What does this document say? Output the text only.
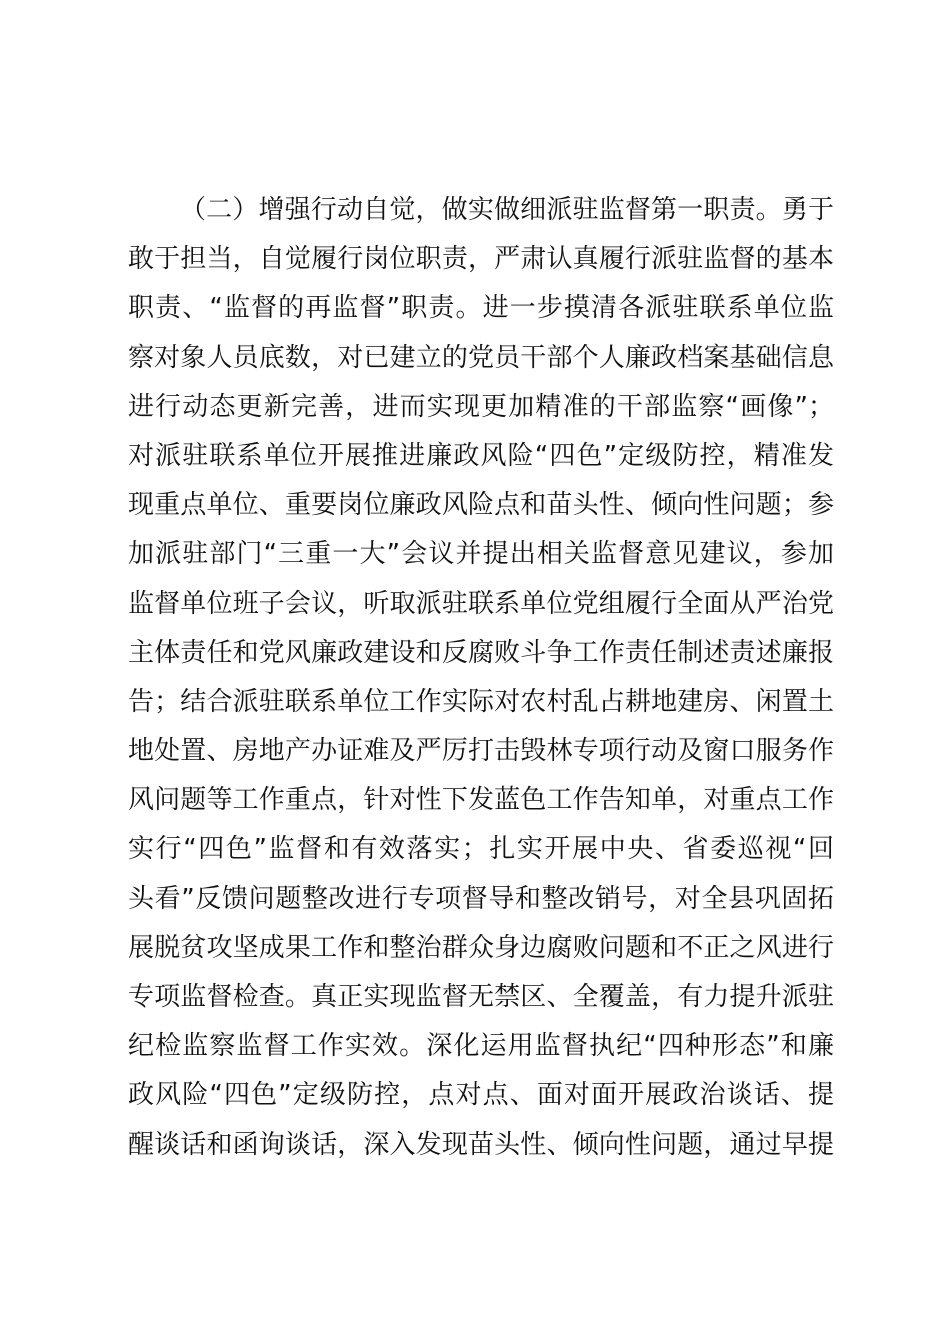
（二）增强行动自觉，做实做细派驻监督第一职责。勇于
敢于担当，自觉履行岗位职责，严肃认真履行派驻监督的基本
职责、“监督的再监督”职责。进一步摸清各派驻联系单位监
察对象人员底数，对已建立的党员干部个人廉政档案基础信息
进行动态更新完善，进而实现更加精准的干部监察“画像”；
对派驻联系单位开展推进廉政风险“四色”定级防控，精准发
现重点单位、重要岗位廉政风险点和苗头性、倾向性问题；参
加派驻部门“三重一大”会议并提出相关监督意见建议，参加
监督单位班子会议，听取派驻联系单位党组履行全面从严治党
主体责任和党风廉政建设和反腐败斗争工作责任制述责述廉报
告；结合派驻联系单位工作实际对农村乱占耕地建房、闲置土
地处置、房地产办证难及严厉打击毁林专项行动及窗口服务作
风问题等工作重点，针对性下发蓝色工作告知单，对重点工作
实行“四色”监督和有效落实；扎实开展中央、省委巡视“回
头看”反馈问题整改进行专项督导和整改销号，对全县巩固拓
展脱贫攻坚成果工作和整治群众身边腐败问题和不正之风进行
专项监督检查。真正实现监督无禁区、全覆盖，有力提升派驻
纪检监察监督工作实效。深化运用监督执纪“四种形态”和廉
政风险“四色”定级防控，点对点、面对面开展政治谈话、提
醒谈话和函询谈话，深入发现苗头性、倾向性问题，通过早提
